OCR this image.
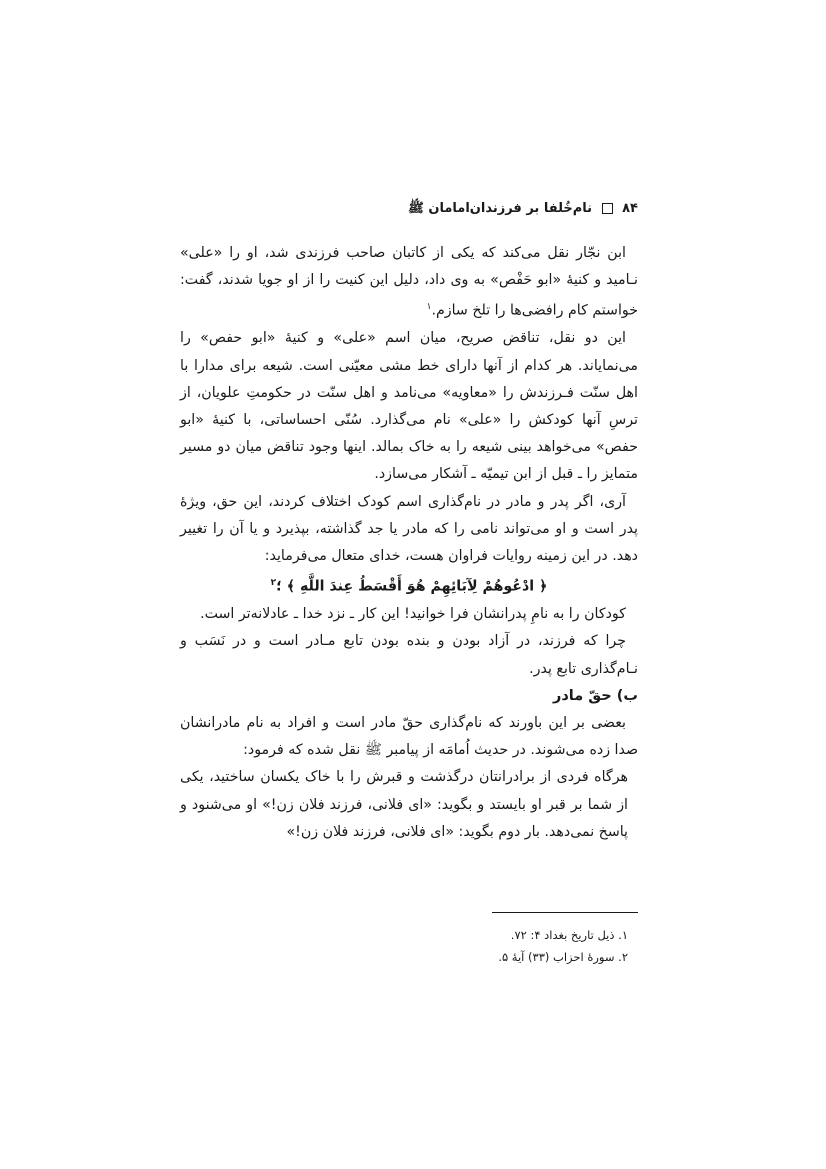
۸۴  نام‌خُلفا بر فرزندان‌امامان ﷺ

ابن نجّار نقل می‌کند که یکی از کاتبان صاحب فرزندی شد، او را «علی» نـامید و کنیهٔ «ابو حَفْص» به وی داد، دلیل این کنیت را از او جویا شدند، گفت: خواستم کام رافضی‌ها را تلخ سازم.$^۱$

این دو نقل، تناقض صریح، میان اسم «علی» و کنیهٔ «ابو حفص» را می‌نمایاند. هر کدام از آنها دارای خط مشی معیّنی است. شیعه برای مدارا با اهل سنّت فـرزندش را «معاویه» می‌نامد و اهل سنّت در حکومتِ علویان، از ترسِ آنها کودکش را «علی» نام می‌گذارد. سُنّی احساساتی، با کنیهٔ «ابو حفص» می‌خواهد بینی شیعه را به خاک بمالد. اینها وجود تناقض میان دو مسیر متمایز را ـ قبل از ابن تیمیّه ـ آشکار می‌سازد.

آری، اگر پدر و مادر در نام‌گذاری اسم کودک اختلاف کردند، این حق، ویژهٔ پدر است و او می‌تواند نامی را که مادر یا جد گذاشته، بپذیرد و یا آن را تغییر دهد. در این زمینه روایات فراوان هست، خدای متعال می‌فرماید:

﴿ ادْعُوهُمْ لِآبَائِهِمْ هُوَ أَقْسَطُ عِندَ اللَّهِ ﴾ ؛$^۲$

کودکان را به نامِ پدرانشان فرا خوانید! این کار ـ نزد خدا ـ عادلانه‌تر است.

چرا که فرزند، در آزاد بودن و بنده بودن تابع مـادر است و در نَسَب و نـام‌گذاری تابع پدر.

ب) حقّ مادر

بعضی بر این باورند که نام‌گذاری حقّ مادر است و افراد به نام مادرانشان صدا زده می‌شوند. در حدیث اُمامَه از پیامبر ﷺ نقل شده که فرمود:

هرگاه فردی از برادرانتان درگذشت و قبرش را با خاک یکسان ساختید، یکی از شما بر قبر او بایستد و بگوید: «ای فلانی، فرزند فلان زن!» او می‌شنود و پاسخ نمی‌دهد. بار دوم بگوید: «ای فلانی، فرزند فلان زن!»

۱. ذیل تاریخ بغداد ۴: ۷۲.

۲. سورهٔ احزاب (۳۳) آیهٔ ۵.
